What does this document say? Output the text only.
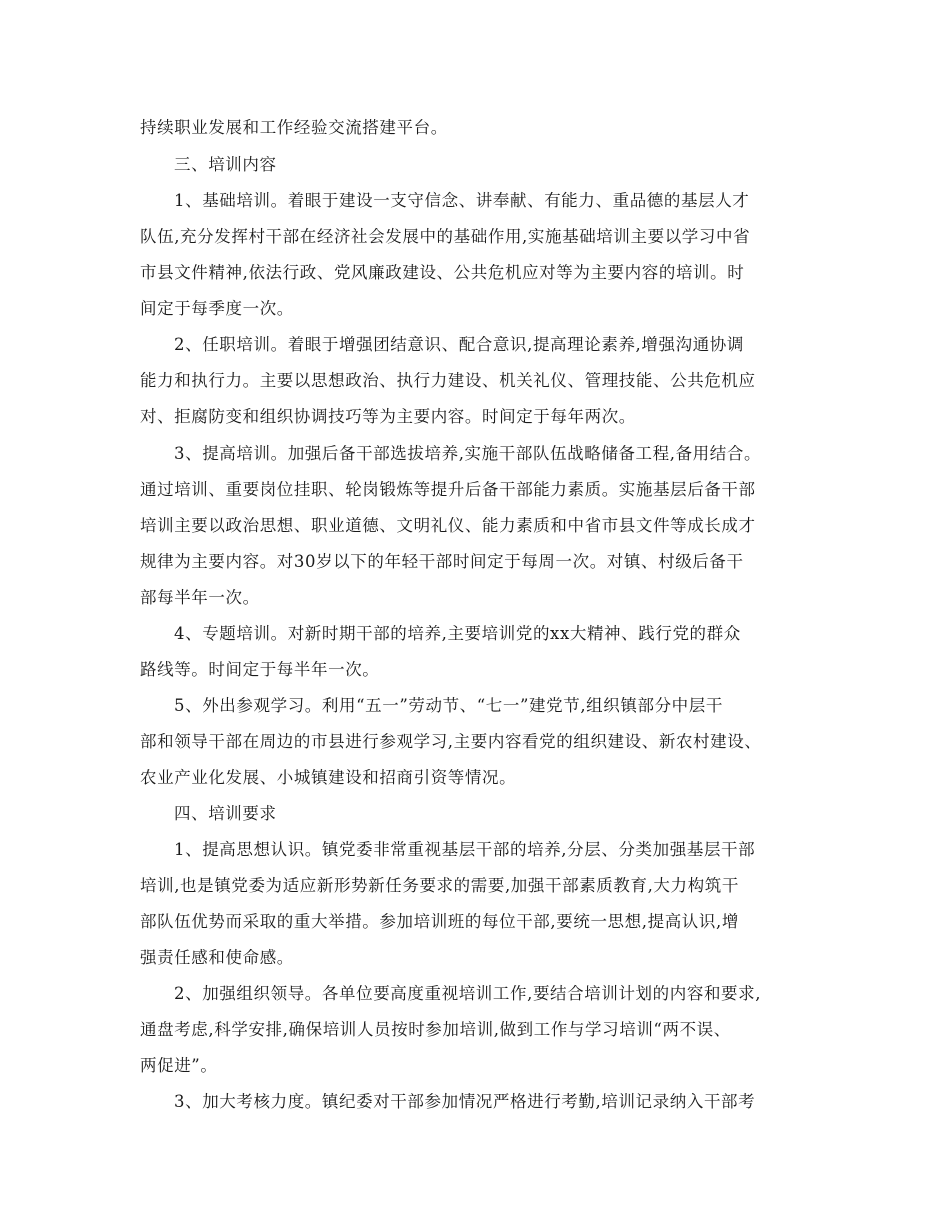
持续职业发展和工作经验交流搭建平台。
三、培训内容
1、基础培训。着眼于建设一支守信念、讲奉献、有能力、重品德的基层人才
队伍,充分发挥村干部在经济社会发展中的基础作用,实施基础培训主要以学习中省
市县文件精神,依法行政、党风廉政建设、公共危机应对等为主要内容的培训。时
间定于每季度一次。
2、任职培训。着眼于增强团结意识、配合意识,提高理论素养,增强沟通协调
能力和执行力。主要以思想政治、执行力建设、机关礼仪、管理技能、公共危机应
对、拒腐防变和组织协调技巧等为主要内容。时间定于每年两次。
3、提高培训。加强后备干部选拔培养,实施干部队伍战略储备工程,备用结合。
通过培训、重要岗位挂职、轮岗锻炼等提升后备干部能力素质。实施基层后备干部
培训主要以政治思想、职业道德、文明礼仪、能力素质和中省市县文件等成长成才
规律为主要内容。对30岁以下的年轻干部时间定于每周一次。对镇、村级后备干
部每半年一次。
4、专题培训。对新时期干部的培养,主要培训党的xx大精神、践行党的群众
路线等。时间定于每半年一次。
5、外出参观学习。利用“五一”劳动节、“七一”建党节,组织镇部分中层干
部和领导干部在周边的市县进行参观学习,主要内容看党的组织建设、新农村建设、
农业产业化发展、小城镇建设和招商引资等情况。
四、培训要求
1、提高思想认识。镇党委非常重视基层干部的培养,分层、分类加强基层干部
培训,也是镇党委为适应新形势新任务要求的需要,加强干部素质教育,大力构筑干
部队伍优势而采取的重大举措。参加培训班的每位干部,要统一思想,提高认识,增
强责任感和使命感。
2、加强组织领导。各单位要高度重视培训工作,要结合培训计划的内容和要求,
通盘考虑,科学安排,确保培训人员按时参加培训,做到工作与学习培训“两不误、
两促进”。
3、加大考核力度。镇纪委对干部参加情况严格进行考勤,培训记录纳入干部考
